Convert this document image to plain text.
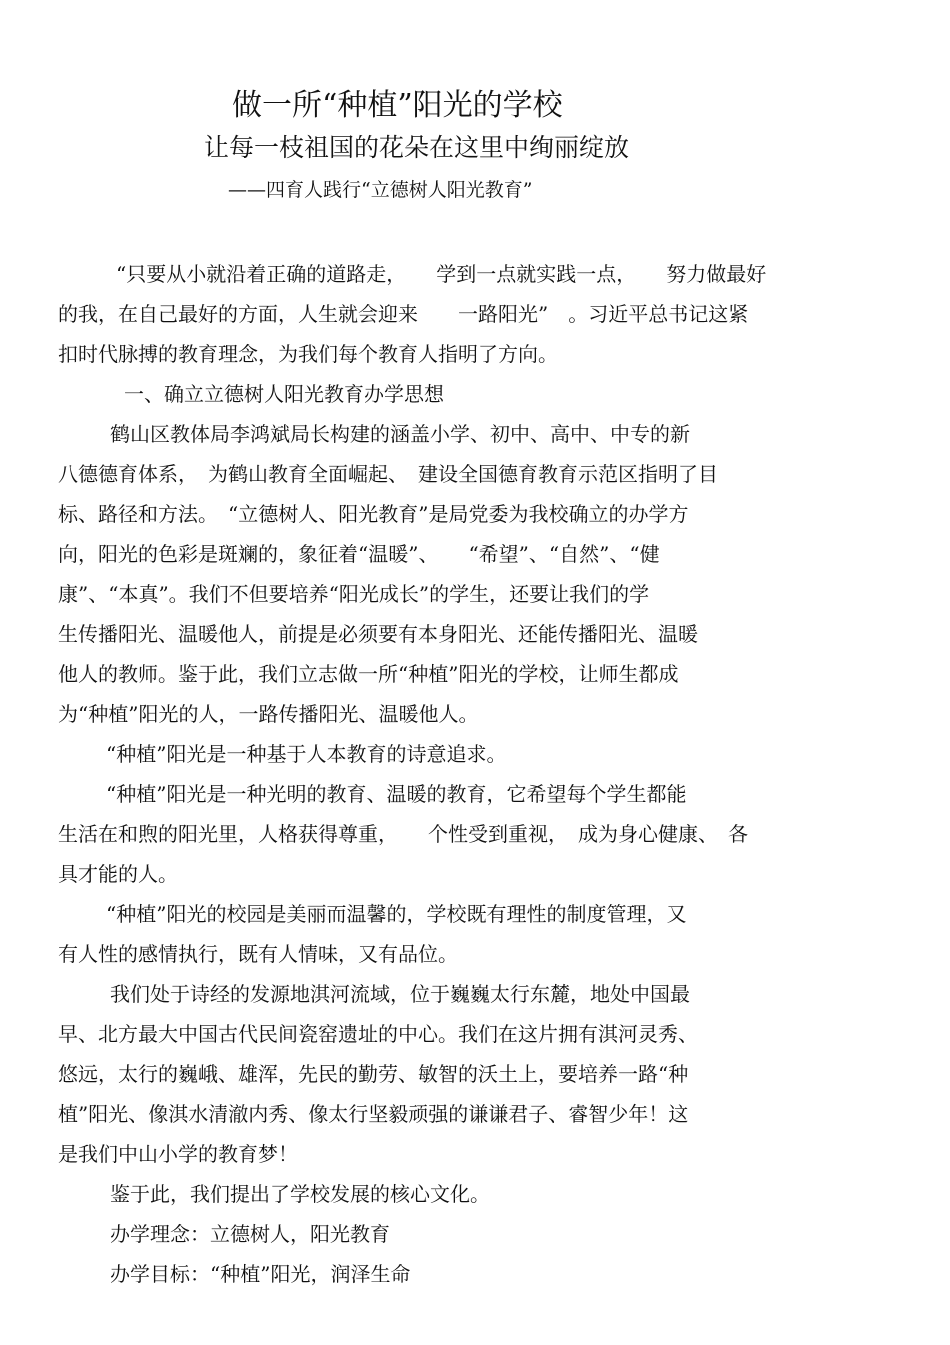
做一所“种植”阳光的学校
让每一枝祖国的花朵在这里中绚丽绽放
——四育人践行“立德树人阳光教育”
“只要从小就沿着正确的道路走，　　学到一点就实践一点，　　努力做最好
的我，在自己最好的方面，人生就会迎来　　一路阳光”　。习近平总书记这紧
扣时代脉搏的教育理念，为我们每个教育人指明了方向。
一、确立立德树人阳光教育办学思想
鹤山区教体局李鸿斌局长构建的涵盖小学、初中、高中、中专的新
八德德育体系，　为鹤山教育全面崛起、　建设全国德育教育示范区指明了目
标、路径和方法。　“立德树人、阳光教育”是局党委为我校确立的办学方
向，阳光的色彩是斑斓的，象征着“温暖”、　　“希望”、“自然”、“健
康”、“本真”。我们不但要培养“阳光成长”的学生，还要让我们的学
生传播阳光、温暖他人，前提是必须要有本身阳光、还能传播阳光、温暖
他人的教师。鉴于此，我们立志做一所“种植”阳光的学校，让师生都成
为“种植”阳光的人，一路传播阳光、温暖他人。
“种植”阳光是一种基于人本教育的诗意追求。
“种植”阳光是一种光明的教育、温暖的教育，它希望每个学生都能
生活在和煦的阳光里，人格获得尊重，　　个性受到重视，　成为身心健康、　各
具才能的人。
“种植”阳光的校园是美丽而温馨的，学校既有理性的制度管理，又
有人性的感情执行，既有人情味，又有品位。
我们处于诗经的发源地淇河流域，位于巍巍太行东麓，地处中国最
早、北方最大中国古代民间瓷窑遗址的中心。我们在这片拥有淇河灵秀、
悠远，太行的巍峨、雄浑，先民的勤劳、敏智的沃土上，要培养一路“种
植”阳光、像淇水清澈内秀、像太行坚毅顽强的谦谦君子、睿智少年！这
是我们中山小学的教育梦！
鉴于此，我们提出了学校发展的核心文化。
办学理念：立德树人，阳光教育
办学目标：“种植”阳光，润泽生命
